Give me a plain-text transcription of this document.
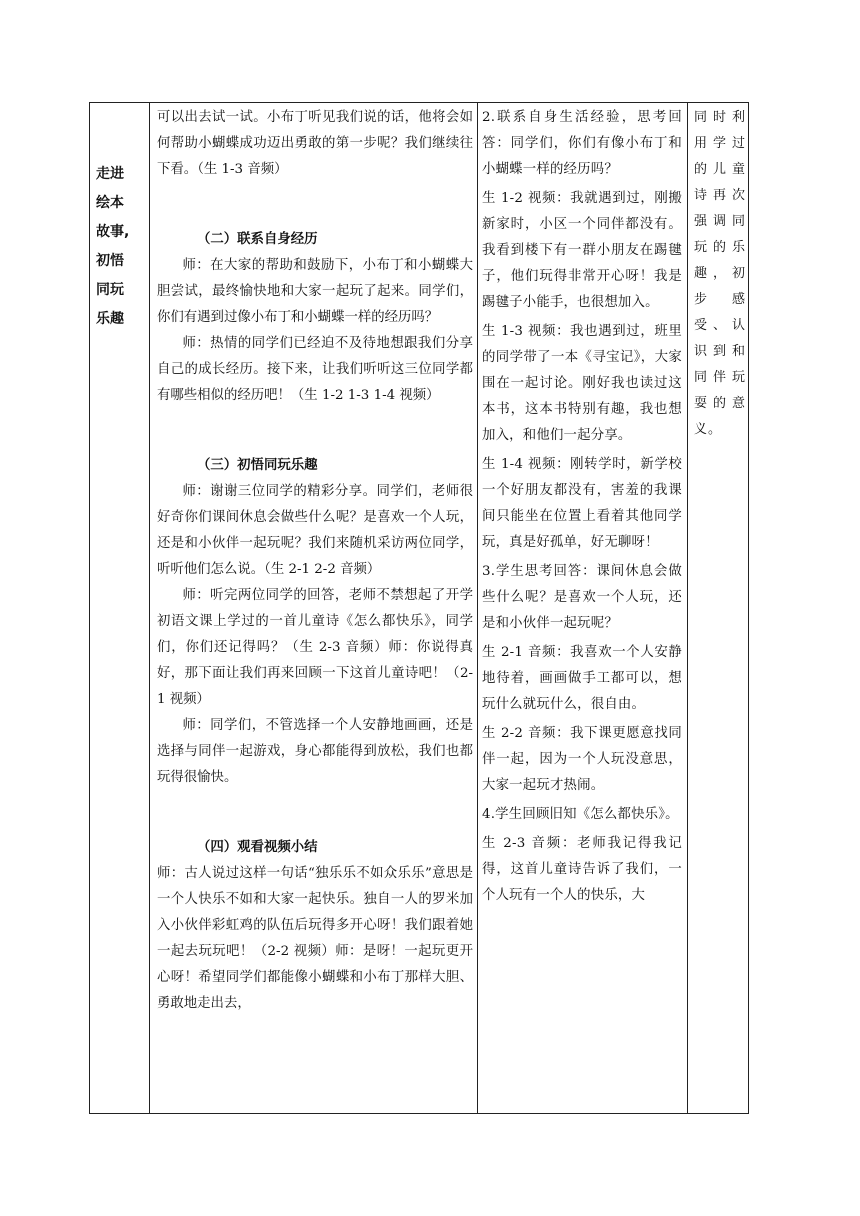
走进
绘本
故事,
初悟
同玩
乐趣

可以出去试一试。小布丁听见我们说的话，他将会如何帮助小蝴蝶成功迈出勇敢的第一步呢？我们继续往下看。（生 1-3 音频）

（二）联系自身经历

师：在大家的帮助和鼓励下，小布丁和小蝴蝶大胆尝试，最终愉快地和大家一起玩了起来。同学们，你们有遇到过像小布丁和小蝴蝶一样的经历吗？

师：热情的同学们已经迫不及待地想跟我们分享自己的成长经历。接下来，让我们听听这三位同学都有哪些相似的经历吧！（生 1-2 1-3 1-4 视频）

（三）初悟同玩乐趣

师：谢谢三位同学的精彩分享。同学们，老师很好奇你们课间休息会做些什么呢？是喜欢一个人玩，还是和小伙伴一起玩呢？我们来随机采访两位同学，听听他们怎么说。（生 2-1 2-2 音频）

师：听完两位同学的回答，老师不禁想起了开学初语文课上学过的一首儿童诗《怎么都快乐》，同学们，你们还记得吗？（生 2-3 音频）师：你说得真好，那下面让我们再来回顾一下这首儿童诗吧！（2-1 视频）

师：同学们，不管选择一个人安静地画画，还是选择与同伴一起游戏，身心都能得到放松，我们也都玩得很愉快。

（四）观看视频小结

师：古人说过这样一句话“独乐乐不如众乐乐”意思是一个人快乐不如和大家一起快乐。独自一人的罗米加入小伙伴彩虹鸡的队伍后玩得多开心呀！我们跟着她一起去玩玩吧！（2-2 视频）师：是呀！一起玩更开心呀！希望同学们都能像小蝴蝶和小布丁那样大胆、勇敢地走出去，

2.联系自身生活经验，思考回答：同学们，你们有像小布丁和小蝴蝶一样的经历吗？

生 1-2 视频：我就遇到过，刚搬新家时，小区一个同伴都没有。我看到楼下有一群小朋友在踢毽子，他们玩得非常开心呀！我是踢毽子小能手，也很想加入。

生 1-3 视频：我也遇到过，班里的同学带了一本《寻宝记》，大家围在一起讨论。刚好我也读过这本书，这本书特别有趣，我也想加入，和他们一起分享。

生 1-4 视频：刚转学时，新学校一个好朋友都没有，害羞的我课间只能坐在位置上看着其他同学玩，真是好孤单，好无聊呀！

3.学生思考回答：课间休息会做些什么呢？是喜欢一个人玩，还是和小伙伴一起玩呢？

生 2-1 音频：我喜欢一个人安静地待着，画画做手工都可以，想玩什么就玩什么，很自由。

生 2-2 音频：我下课更愿意找同伴一起，因为一个人玩没意思，大家一起玩才热闹。

4.学生回顾旧知《怎么都快乐》。

生 2-3 音频：老师我记得我记得，这首儿童诗告诉了我们，一个人玩有一个人的快乐，大

同时利用学过的儿童诗再次强调同玩的乐趣，初步感受、认识到和同伴玩耍的意义。
